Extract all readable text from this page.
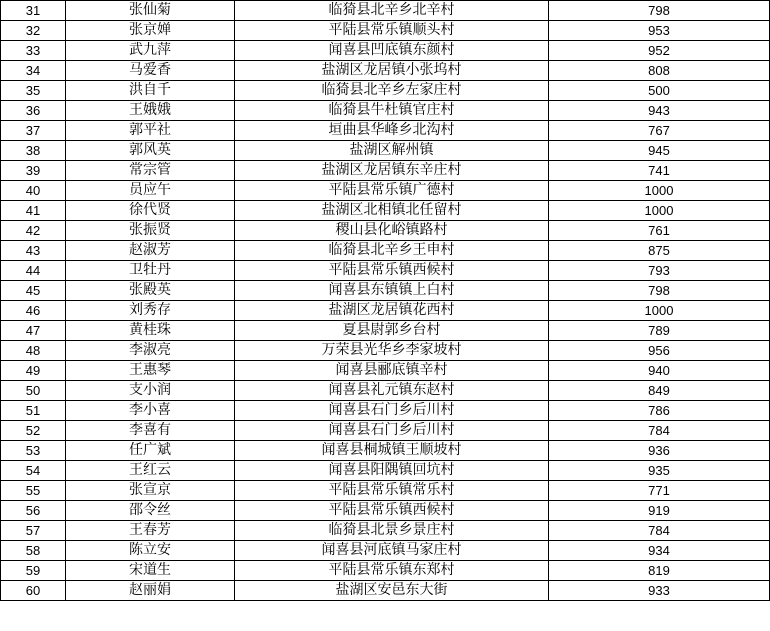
31	张仙菊	临猗县北辛乡北辛村	798
32	张京婵	平陆县常乐镇顺头村	953
33	武九萍	闻喜县凹底镇东颜村	952
34	马爱香	盐湖区龙居镇小张坞村	808
35	洪自千	临猗县北辛乡左家庄村	500
36	王娥娥	临猗县牛杜镇官庄村	943
37	郭平社	垣曲县华峰乡北沟村	767
38	郭风英	盐湖区解州镇	945
39	常宗管	盐湖区龙居镇东辛庄村	741
40	员应午	平陆县常乐镇广德村	1000
41	徐代贤	盐湖区北相镇北任留村	1000
42	张振贤	稷山县化峪镇路村	761
43	赵淑芳	临猗县北辛乡王申村	875
44	卫牡丹	平陆县常乐镇西候村	793
45	张殿英	闻喜县东镇镇上白村	798
46	刘秀存	盐湖区龙居镇花西村	1000
47	黄桂珠	夏县尉郭乡台村	789
48	李淑亮	万荣县光华乡李家坡村	956
49	王惠琴	闻喜县郦底镇辛村	940
50	支小润	闻喜县礼元镇东赵村	849
51	李小喜	闻喜县石门乡后川村	786
52	李喜有	闻喜县石门乡后川村	784
53	任广斌	闻喜县桐城镇王顺坡村	936
54	王红云	闻喜县阳隅镇回坑村	935
55	张宣京	平陆县常乐镇常乐村	771
56	邵令丝	平陆县常乐镇西候村	919
57	王春芳	临猗县北景乡景庄村	784
58	陈立安	闻喜县河底镇马家庄村	934
59	宋道生	平陆县常乐镇东郑村	819
60	赵丽娟	盐湖区安邑东大街	933
